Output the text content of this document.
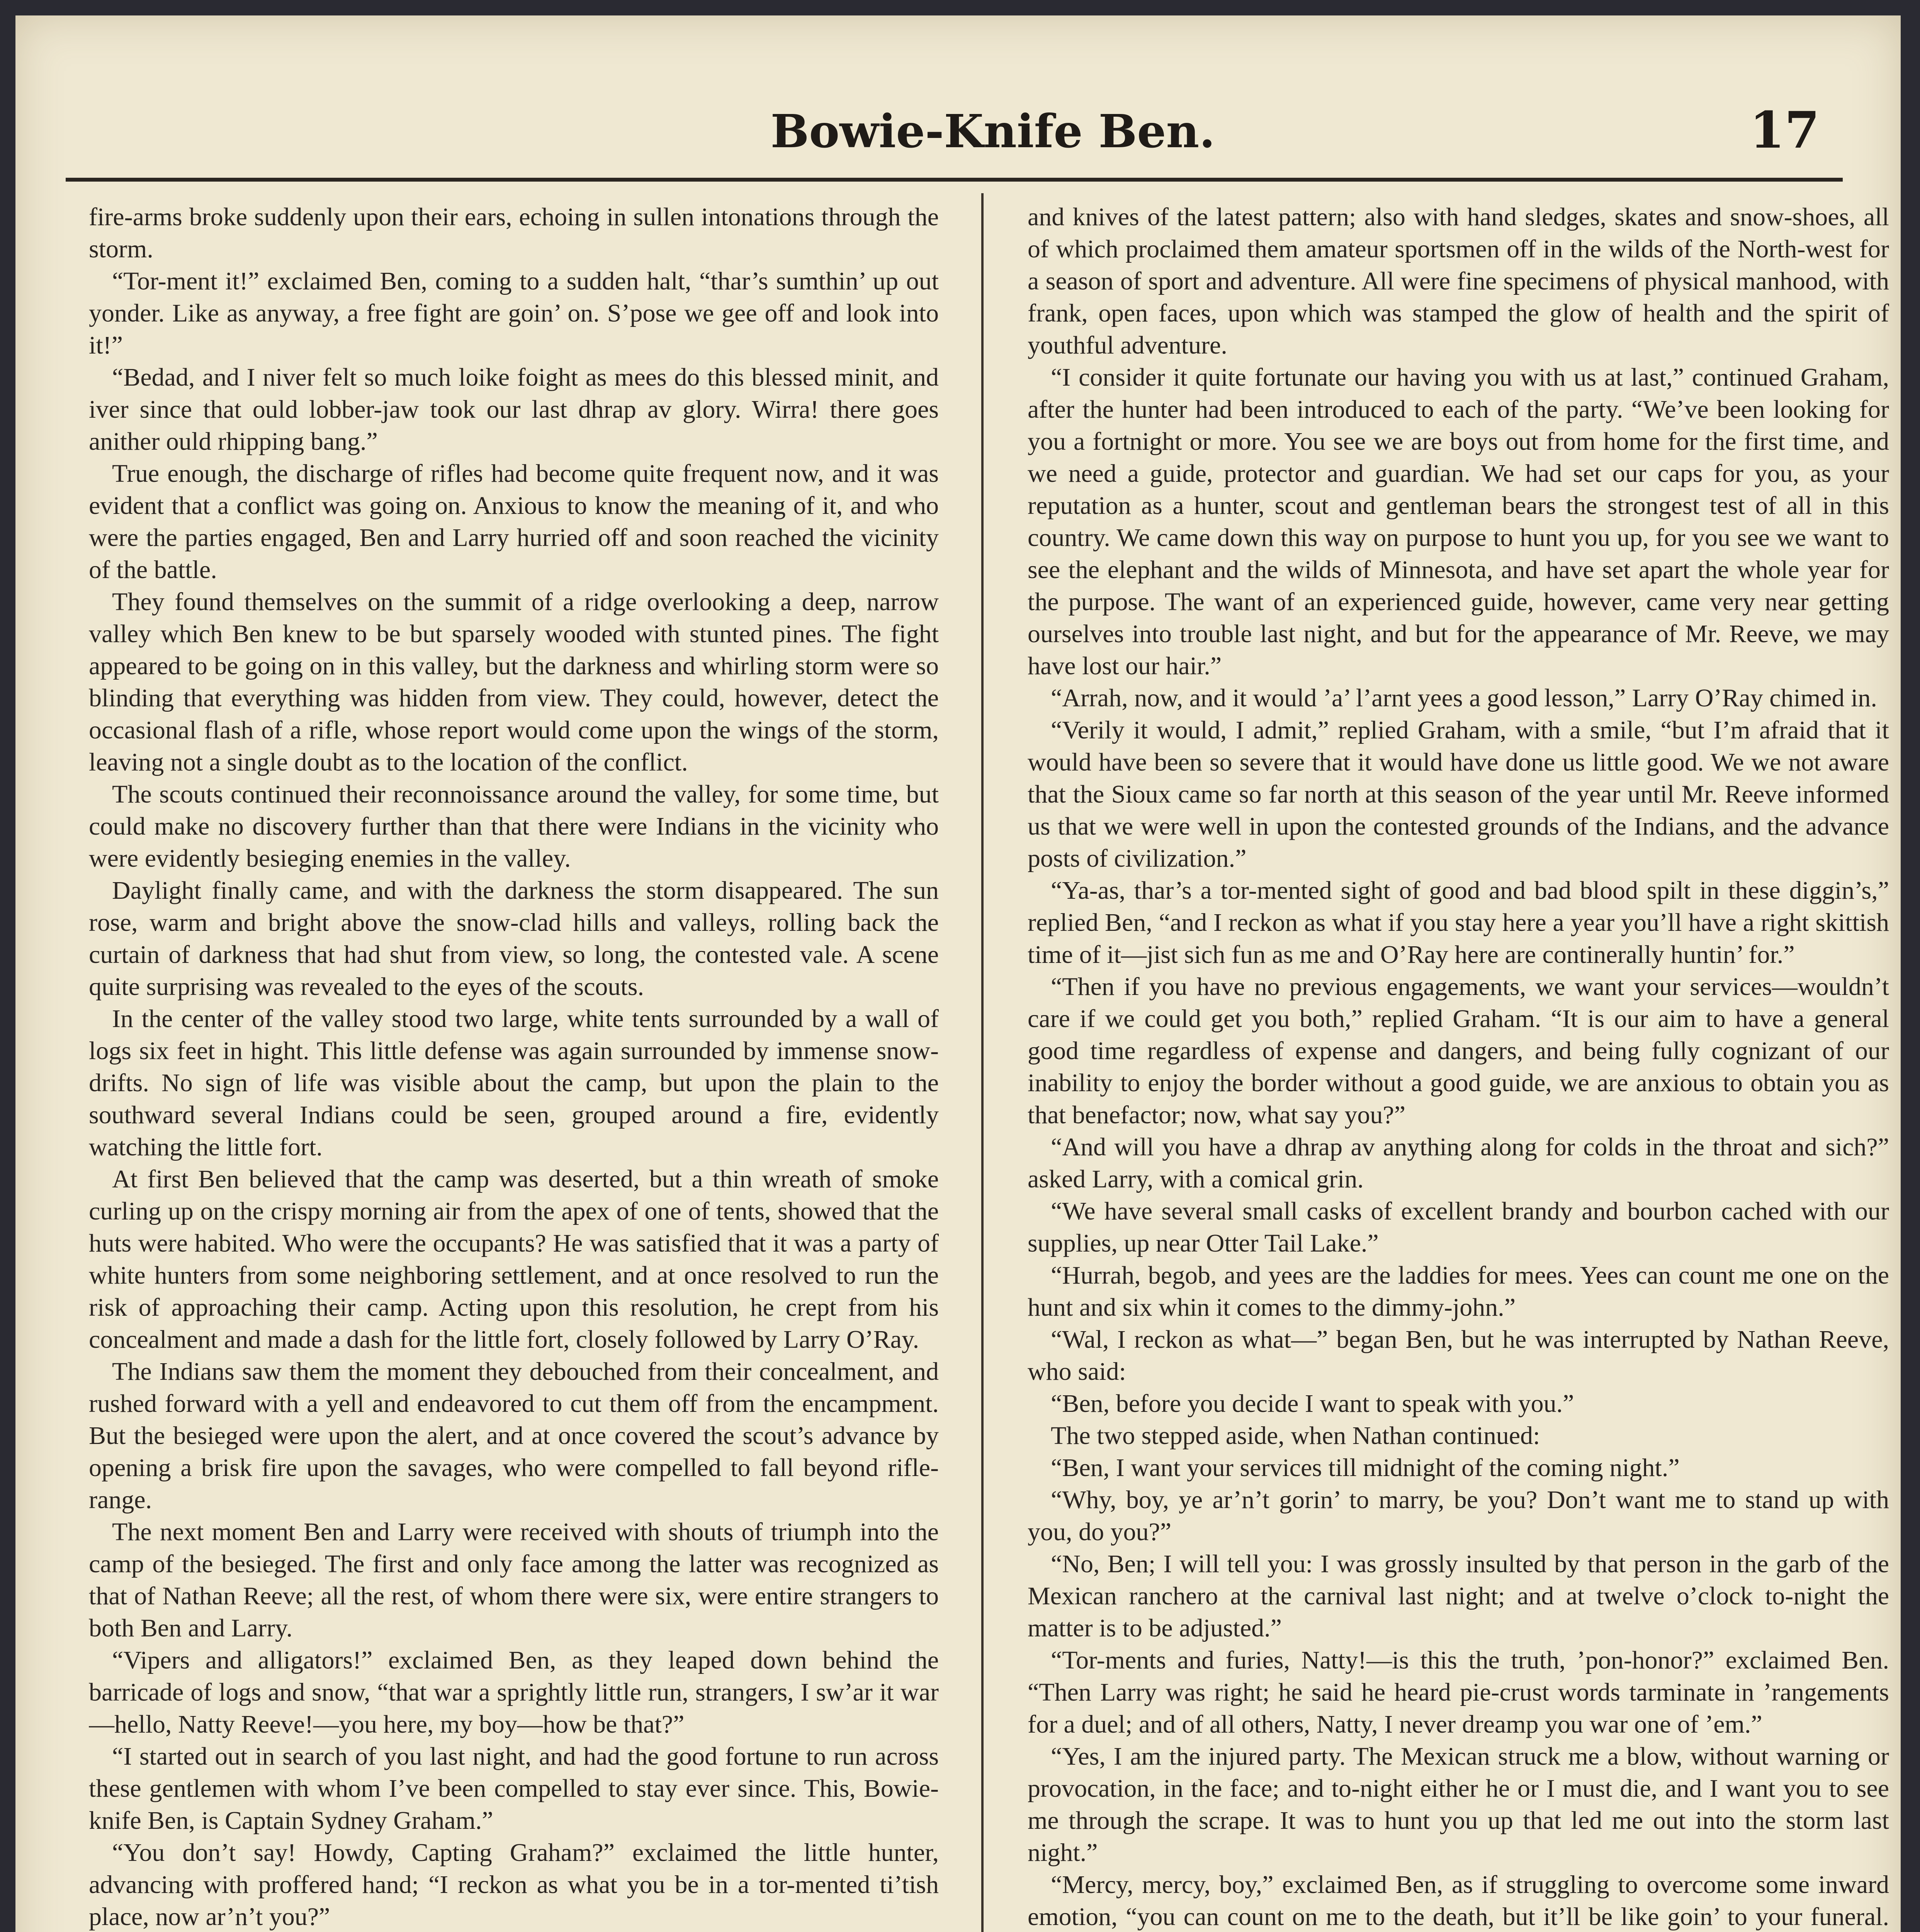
Bowie-Knife Ben.	17

fire-arms broke suddenly upon their ears, echoing in sullen intonations through the storm.

“Tor-ment it!” exclaimed Ben, coming to a sudden halt, “thar’s sumthin’ up out yonder. Like as anyway, a free fight are goin’ on. S’pose we gee off and look into it!”

“Bedad, and I niver felt so much loike foight as mees do this blessed minit, and iver since that ould lobber-jaw took our last dhrap av glory. Wirra! there goes anither ould rhipping bang.”

True enough, the discharge of rifles had become quite frequent now, and it was evident that a conflict was going on. Anxious to know the meaning of it, and who were the parties engaged, Ben and Larry hurried off and soon reached the vicinity of the battle.

They found themselves on the summit of a ridge overlooking a deep, narrow valley which Ben knew to be but sparsely wooded with stunted pines. The fight appeared to be going on in this valley, but the darkness and whirling storm were so blinding that everything was hidden from view. They could, however, detect the occasional flash of a rifle, whose report would come upon the wings of the storm, leaving not a single doubt as to the location of the conflict.

The scouts continued their reconnoissance around the valley, for some time, but could make no discovery further than that there were Indians in the vicinity who were evidently besieging enemies in the valley.

Daylight finally came, and with the darkness the storm disappeared. The sun rose, warm and bright above the snow-clad hills and valleys, rolling back the curtain of darkness that had shut from view, so long, the contested vale. A scene quite surprising was revealed to the eyes of the scouts.

In the center of the valley stood two large, white tents surrounded by a wall of logs six feet in hight. This little defense was again surrounded by immense snow-drifts. No sign of life was visible about the camp, but upon the plain to the southward several Indians could be seen, grouped around a fire, evidently watching the little fort.

At first Ben believed that the camp was deserted, but a thin wreath of smoke curling up on the crispy morning air from the apex of one of tents, showed that the huts were habited. Who were the occupants? He was satisfied that it was a party of white hunters from some neighboring settlement, and at once resolved to run the risk of approaching their camp. Acting upon this resolution, he crept from his concealment and made a dash for the little fort, closely followed by Larry O’Ray.

The Indians saw them the moment they debouched from their concealment, and rushed forward with a yell and endeavored to cut them off from the encampment. But the besieged were upon the alert, and at once covered the scout’s advance by opening a brisk fire upon the savages, who were compelled to fall beyond rifle-range.

The next moment Ben and Larry were received with shouts of triumph into the camp of the besieged. The first and only face among the latter was recognized as that of Nathan Reeve; all the rest, of whom there were six, were entire strangers to both Ben and Larry.

“Vipers and alligators!” exclaimed Ben, as they leaped down behind the barricade of logs and snow, “that war a sprightly little run, strangers, I sw’ar it war—hello, Natty Reeve!—you here, my boy—how be that?”

“I started out in search of you last night, and had the good fortune to run across these gentlemen with whom I’ve been compelled to stay ever since. This, Bowie-knife Ben, is Captain Sydney Graham.”

“You don’t say! Howdy, Capting Graham?” exclaimed the little hunter, advancing with proffered hand; “I reckon as what you be in a tor-mented ti’tish place, now ar’n’t you?”

and knives of the latest pattern; also with hand sledges, skates and snow-shoes, all of which proclaimed them amateur sportsmen off in the wilds of the North-west for a season of sport and adventure. All were fine specimens of physical manhood, with frank, open faces, upon which was stamped the glow of health and the spirit of youthful adventure.

“I consider it quite fortunate our having you with us at last,” continued Graham, after the hunter had been introduced to each of the party. “We’ve been looking for you a fortnight or more. You see we are boys out from home for the first time, and we need a guide, protector and guardian. We had set our caps for you, as your reputation as a hunter, scout and gentleman bears the strongest test of all in this country. We came down this way on purpose to hunt you up, for you see we want to see the elephant and the wilds of Minnesota, and have set apart the whole year for the purpose. The want of an experienced guide, however, came very near getting ourselves into trouble last night, and but for the appearance of Mr. Reeve, we may have lost our hair.”

“Arrah, now, and it would ’a’ l’arnt yees a good lesson,” Larry O’Ray chimed in.

“Verily it would, I admit,” replied Graham, with a smile, “but I’m afraid that it would have been so severe that it would have done us little good. We we not aware that the Sioux came so far north at this season of the year until Mr. Reeve informed us that we were well in upon the contested grounds of the Indians, and the advance posts of civilization.”

“Ya-as, thar’s a tor-mented sight of good and bad blood spilt in these diggin’s,” replied Ben, “and I reckon as what if you stay here a year you’ll have a right skittish time of it—jist sich fun as me and O’Ray here are continerally huntin’ for.”

“Then if you have no previous engagements, we want your services—wouldn’t care if we could get you both,” replied Graham. “It is our aim to have a general good time regardless of expense and dangers, and being fully cognizant of our inability to enjoy the border without a good guide, we are anxious to obtain you as that benefactor; now, what say you?”

“And will you have a dhrap av anything along for colds in the throat and sich?” asked Larry, with a comical grin.

“We have several small casks of excellent brandy and bourbon cached with our supplies, up near Otter Tail Lake.”

“Hurrah, begob, and yees are the laddies for mees. Yees can count me one on the hunt and six whin it comes to the dimmy-john.”

“Wal, I reckon as what—” began Ben, but he was interrupted by Nathan Reeve, who said:

“Ben, before you decide I want to speak with you.”

The two stepped aside, when Nathan continued:

“Ben, I want your services till midnight of the coming night.”

“Why, boy, ye ar’n’t gorin’ to marry, be you? Don’t want me to stand up with you, do you?”

“No, Ben; I will tell you: I was grossly insulted by that person in the garb of the Mexican ranchero at the carnival last night; and at twelve o’clock to-night the matter is to be adjusted.”

“Tor-ments and furies, Natty!—is this the truth, ’pon-honor?” exclaimed Ben. “Then Larry was right; he said he heard pie-crust words tarminate in ’rangements for a duel; and of all others, Natty, I never dreamp you war one of ’em.”

“Yes, I am the injured party. The Mexican struck me a blow, without warning or provocation, in the face; and to-night either he or I must die, and I want you to see me through the scrape. It was to hunt you up that led me out into the storm last night.”

“Mercy, mercy, boy,” exclaimed Ben, as if struggling to overcome some inward emotion, “you can count on me to the death, but it’ll be like goin’ to your funeral.
